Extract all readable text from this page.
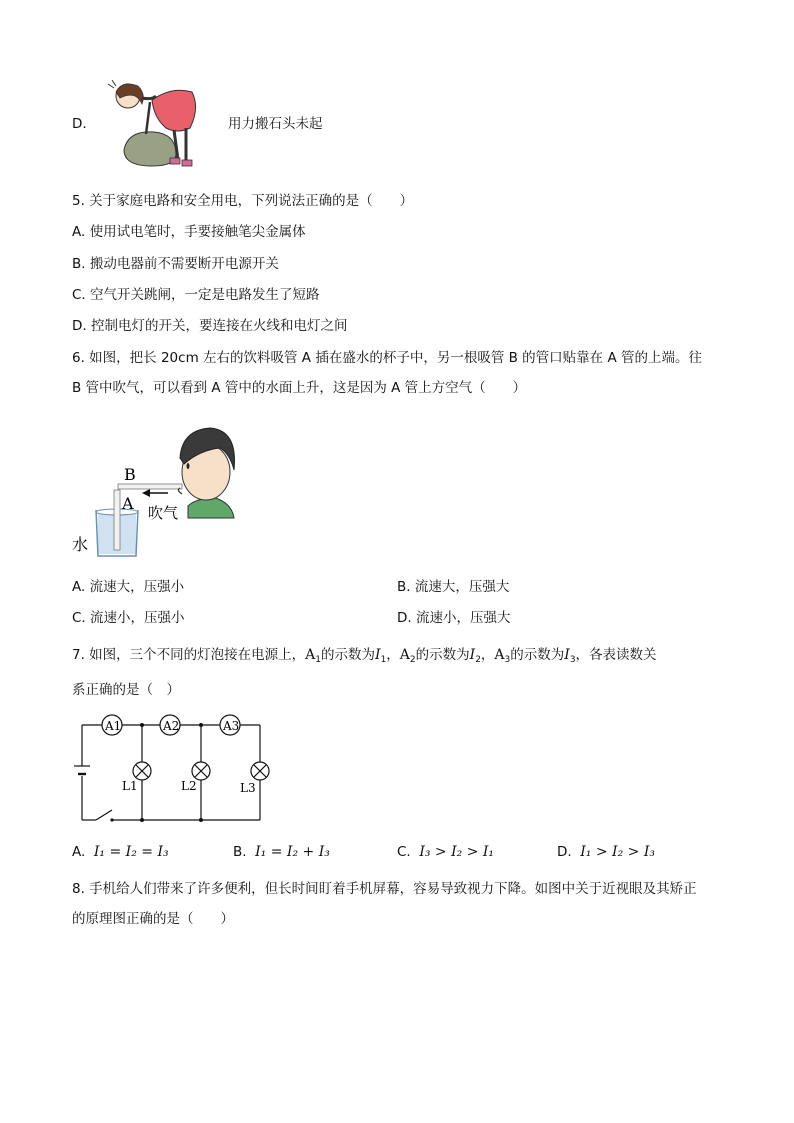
D.	用力搬石头未起
5. 关于家庭电路和安全用电，下列说法正确的是（　　）
A. 使用试电笔时，手要接触笔尖金属体
B. 搬动电器前不需要断开电源开关
C. 空气开关跳闸，一定是电路发生了短路
D. 控制电灯的开关，要连接在火线和电灯之间
6. 如图，把长 20cm 左右的饮料吸管 A 插在盛水的杯子中，另一根吸管 B 的管口贴靠在 A 管的上端。往
B 管中吹气，可以看到 A 管中的水面上升，这是因为 A 管上方空气（　　）
B
A 吹气
水
A. 流速大，压强小	B. 流速大，压强大
C. 流速小，压强小	D. 流速小，压强大
7. 如图，三个不同的灯泡接在电源上，$A_1$的示数为$I_1$，$A_2$的示数为$I_2$，$A_3$的示数为$I_3$，各表读数关
系正确的是（　）
A1	A2	A3
L1	L2	L3
A. I₁ = I₂ = I₃	B. I₁ = I₂ + I₃	C. I₃ > I₂ > I₁	D. I₁ > I₂ > I₃
8. 手机给人们带来了许多便利，但长时间盯着手机屏幕，容易导致视力下降。如图中关于近视眼及其矫正
的原理图正确的是（　　）
